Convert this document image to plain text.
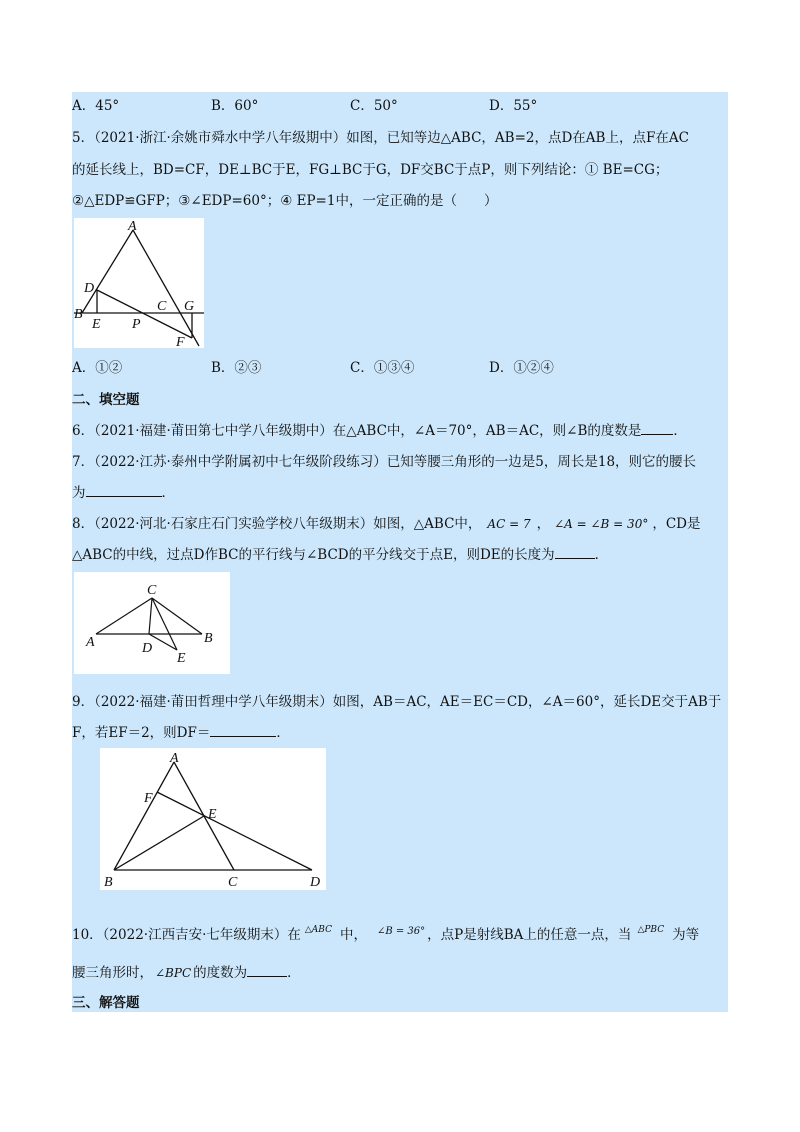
A．45°	B．60°	C．50°	D．55°
5．（2021·浙江·余姚市舜水中学八年级期中）如图，已知等边△ABC，AB=2，点D在AB上，点F在AC
的延长线上，BD=CF，DE⊥BC于E，FG⊥BC于G，DF交BC于点P，则下列结论：① BE=CG；
②△EDP≌GFP；③∠EDP=60°；④ EP=1中，一定正确的是（　　）
A
D
B
E P
C G
F
A．①②	B．②③	C．①③④	D．①②④
二、填空题
6．（2021·福建·莆田第七中学八年级期中）在△ABC中，∠A＝70°，AB＝AC，则∠B的度数是 ．
7．（2022·江苏·泰州中学附属初中七年级阶段练习）已知等腰三角形的一边是5，周长是18，则它的腰长
为	．
8．（2022·河北·石家庄石门实验学校八年级期末）如图，△ABC中， AC = 7 ， ∠A = ∠B = 30° ，CD是
△ABC的中线，过点D作BC的平行线与∠BCD的平分线交于点E，则DE的长度为	．
C
A	B
D
E
9．（2022·福建·莆田哲理中学八年级期末）如图，AB＝AC，AE＝EC＝CD，∠A＝60°，延长DE交于AB于
F，若EF＝2，则DF＝	．
A
F
E
B	C	D
10．（2022·江西吉安·七年级期末）在 $^{\triangle ABC}$ 中， $^{\angle B = 36^\circ}$ ，点P是射线BA上的任意一点，当 $^{\triangle PBC}$ 为等
腰三角形时， ∠BPC 的度数为	．
三、解答题
